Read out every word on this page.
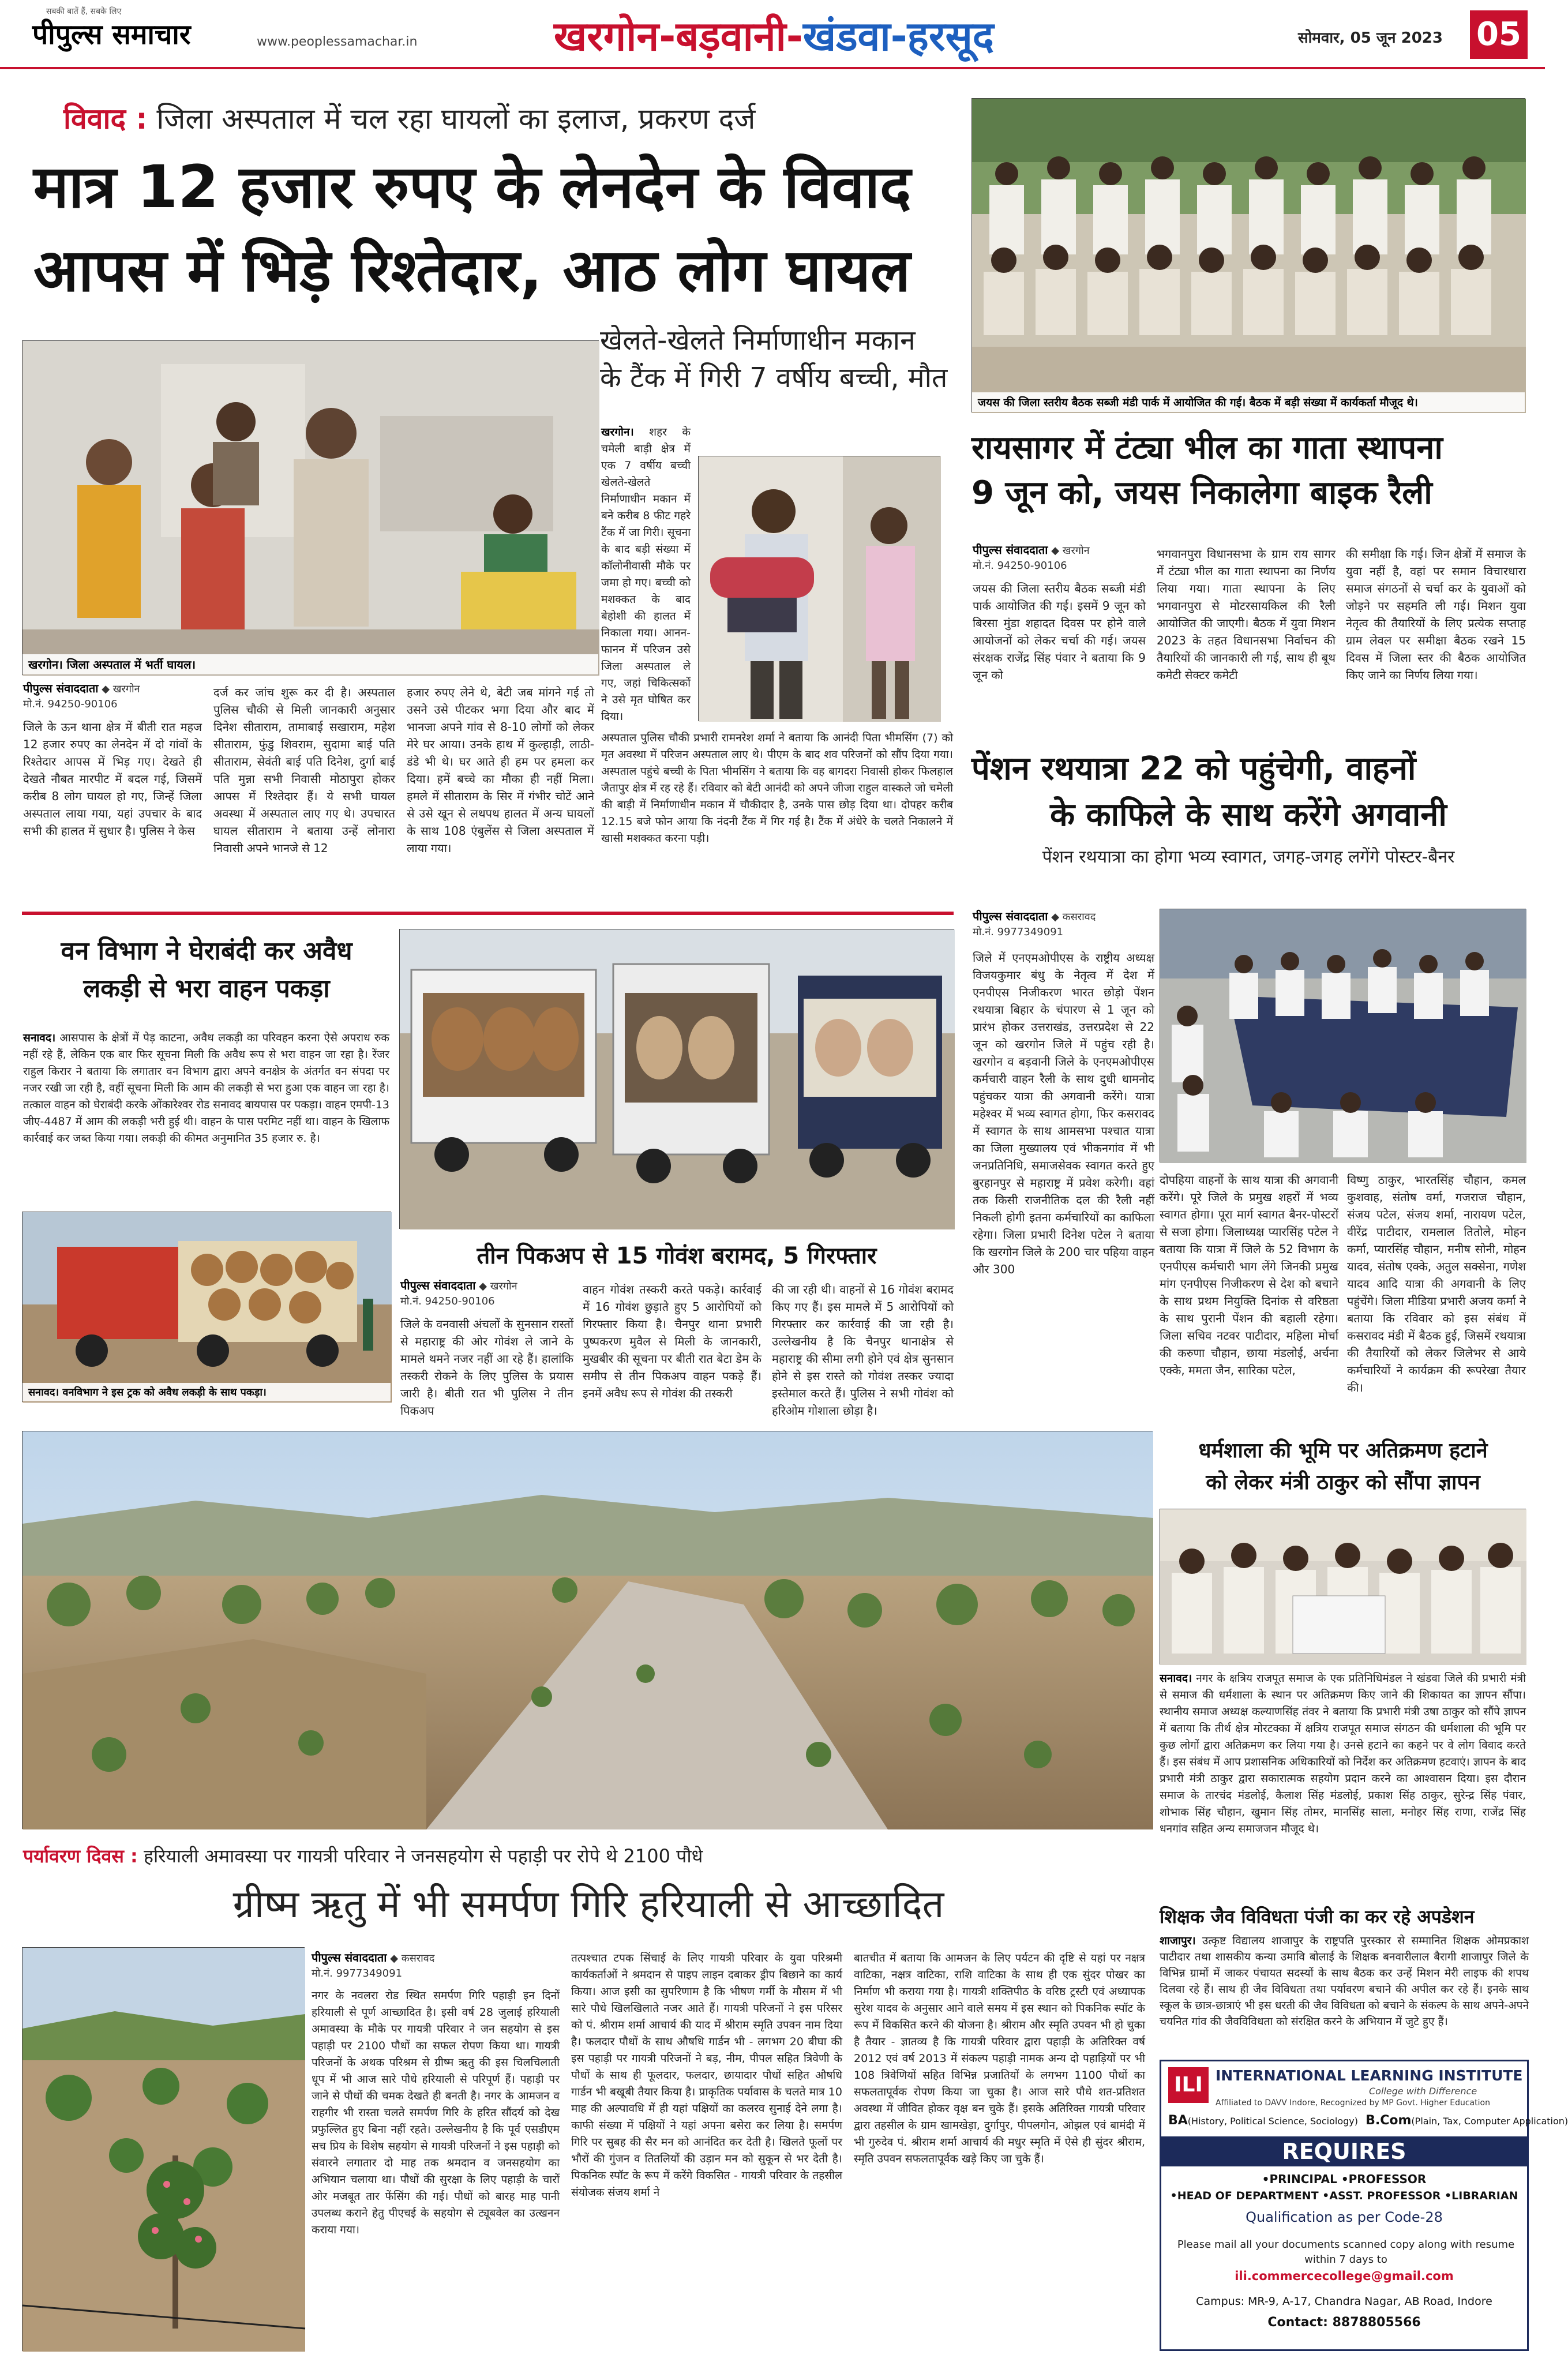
सबकी बातें हैं, सबके लिए
पीपुल्स समाचार	www.peoplessamachar.in	खरगोन-बड़वानी-खंडवा-हरसूद	सोमवार, 05 जून 2023 05
विवाद : जिला अस्पताल में चल रहा घायलों का इलाज, प्रकरण दर्ज
मात्र 12 हजार रुपए के लेनदेन के विवाद
आपस में भिड़े रिश्तेदार, आठ लोग घायल
खरगोन। जिला अस्पताल में भर्ती घायल।
पीपुल्स संवाददाता ◆ खरगोन
मो.नं. 94250-90106
जिले के ऊन थाना क्षेत्र में बीती रात महज 12 हजार रुपए का लेनदेन में दो गांवों के रिश्तेदार आपस में भिड़ गए। देखते ही देखते नौबत मारपीट में बदल गई, जिसमें करीब 8 लोग घायल हो गए, जिन्हें जिला अस्पताल लाया गया, यहां उपचार के बाद सभी की हालत में सुधार है। पुलिस ने केस
दर्ज कर जांच शुरू कर दी है। अस्पताल पुलिस चौकी से मिली जानकारी अनुसार दिनेश सीताराम, तामाबाई सखाराम, महेश सीताराम, फुंडु शिवराम, सुदामा बाई पति सीताराम, सेवंती बाई पति दिनेश, दुर्गा बाई पति मुन्ना सभी निवासी मोठापुरा होकर आपस में रिश्तेदार हैं। ये सभी घायल अवस्था में अस्पताल लाए गए थे। उपचारत घायल सीताराम ने बताया उन्हें लोनारा निवासी अपने भानजे से 12
हजार रुपए लेने थे, बेटी जब मांगने गई तो उसने उसे पीटकर भगा दिया और बाद में भानजा अपने गांव से 8-10 लोगों को लेकर मेरे घर आया। उनके हाथ में कुल्हाड़ी, लाठी-डंडे भी थे। घर आते ही हम पर हमला कर दिया। हमें बच्चे का मौका ही नहीं मिला। हमले में सीताराम के सिर में गंभीर चोटें आने से उसे खून से लथपथ हालत में अन्य घायलों के साथ 108 एंबुलेंस से जिला अस्पताल में लाया गया।
खेलते-खेलते निर्माणाधीन मकान
के टैंक में गिरी 7 वर्षीय बच्ची, मौत
खरगोन। शहर के चमेली बाड़ी क्षेत्र में एक 7 वर्षीय बच्ची खेलते-खेलते निर्माणाधीन मकान में बने करीब 8 फीट गहरे टैंक में जा गिरी। सूचना के बाद बड़ी संख्या में कॉलोनीवासी मौके पर जमा हो गए। बच्ची को मशक्कत के बाद बेहोशी की हालत में निकाला गया। आनन-फानन में परिजन उसे जिला अस्पताल ले गए, जहां चिकित्सकों ने उसे मृत घोषित कर दिया।
अस्पताल पुलिस चौकी प्रभारी रामनरेश शर्मा ने बताया कि आनंदी पिता भीमसिंग (7) को मृत अवस्था में परिजन अस्पताल लाए थे। पीएम के बाद शव परिजनों को सौंप दिया गया। अस्पताल पहुंचे बच्ची के पिता भीमसिंग ने बताया कि वह बागदरा निवासी होकर फिलहाल जैतापुर क्षेत्र में रह रहे हैं। रविवार को बेटी आनंदी को अपने जीजा राहुल वास्कले जो चमेली की बाड़ी में निर्माणाधीन मकान में चौकीदार है, उनके पास छोड़ दिया था। दोपहर करीब 12.15 बजे फोन आया कि नंदनी टैंक में गिर गई है। टैंक में अंधेरे के चलते निकालने में खासी मशक्कत करना पड़ी।
जयस की जिला स्तरीय बैठक सब्जी मंडी पार्क में आयोजित की गई। बैठक में बड़ी संख्या में कार्यकर्ता मौजूद थे।
रायसागर में टंट्या भील का गाता स्थापना
9 जून को, जयस निकालेगा बाइक रैली
पीपुल्स संवाददाता ◆ खरगोन
मो.नं. 94250-90106
जयस की जिला स्तरीय बैठक सब्जी मंडी पार्क आयोजित की गई। इसमें 9 जून को बिरसा मुंडा शहादत दिवस पर होने वाले आयोजनों को लेकर चर्चा की गई। जयस संरक्षक राजेंद्र सिंह पंवार ने बताया कि 9 जून को
भगवानपुरा विधानसभा के ग्राम राय सागर में टंट्या भील का गाता स्थापना का निर्णय लिया गया। गाता स्थापना के लिए भगवानपुरा से मोटरसायकिल की रैली आयोजित की जाएगी। बैठक में युवा मिशन 2023 के तहत विधानसभा निर्वाचन की तैयारियों की जानकारी ली गई, साथ ही बूथ कमेटी सेक्टर कमेटी
की समीक्षा कि गई। जिन क्षेत्रों में समाज के युवा नहीं है, वहां पर समान विचारधारा समाज संगठनों से चर्चा कर के युवाओं को जोड़ने पर सहमति ली गई। मिशन युवा नेतृत्व की तैयारियों के लिए प्रत्येक सप्ताह ग्राम लेवल पर समीक्षा बैठक रखने 15 दिवस में जिला स्तर की बैठक आयोजित किए जाने का निर्णय लिया गया।
पेंशन रथयात्रा 22 को पहुंचेगी, वाहनों
के काफिले के साथ करेंगे अगवानी
पेंशन रथयात्रा का होगा भव्य स्वागत, जगह-जगह लगेंगे पोस्टर-बैनर
पीपुल्स संवाददाता ◆ कसरावद
मो.नं. 9977349091
जिले में एनएमओपीएस के राष्ट्रीय अध्यक्ष विजयकुमार बंधु के नेतृत्व में देश में एनपीएस निजीकरण भारत छोड़ो पेंशन रथयात्रा बिहार के चंपारण से 1 जून को प्रारंभ होकर उत्तराखंड, उत्तरप्रदेश से 22 जून को खरगोन जिले में पहुंच रही है। खरगोन व बड़वानी जिले के एनएमओपीएस कर्मचारी वाहन रैली के साथ दुधी धामनोद पहुंचकर यात्रा की अगवानी करेंगे। यात्रा महेश्वर में भव्य स्वागत होगा, फिर कसरावद में स्वागत के साथ आमसभा पश्चात यात्रा का जिला मुख्यालय एवं भीकनगांव में भी जनप्रतिनिधि, समाजसेवक स्वागत करते हुए बुरहानपुर से महाराष्ट्र में प्रवेश करेगी। वहां तक किसी राजनीतिक दल की रैली नहीं निकली होगी इतना कर्मचारियों का काफिला रहेगा। जिला प्रभारी दिनेश पटेल ने बताया कि खरगोन जिले के 200 चार पहिया वाहन और 300
दोपहिया वाहनों के साथ यात्रा की अगवानी करेंगे। पूरे जिले के प्रमुख शहरों में भव्य स्वागत होगा। पूरा मार्ग स्वागत बैनर-पोस्टरों से सजा होगा। जिलाध्यक्ष प्यारसिंह पटेल ने बताया कि यात्रा में जिले के 52 विभाग के एनपीएस कर्मचारी भाग लेंगे जिनकी प्रमुख मांग एनपीएस निजीकरण से देश को बचाने के साथ प्रथम नियुक्ति दिनांक से वरिष्ठता के साथ पुरानी पेंशन की बहाली रहेगा। जिला सचिव नटवर पाटीदार, महिला मोर्चा की करुणा चौहान, छाया मंडलोई, अर्चना एक्के, ममता जैन, सारिका पटेल,
विष्णु ठाकुर, भारतसिंह चौहान, कमल कुशवाह, संतोष वर्मा, गजराज चौहान, संजय पटेल, संजय शर्मा, नारायण पटेल, वीरेंद्र पाटीदार, रामलाल तितोले, मोहन कर्मा, प्यारसिंह चौहान, मनीष सोनी, मोहन यादव, संतोष एक्के, अतुल सक्सेना, गणेश यादव आदि यात्रा की अगवानी के लिए पहुंचेंगे। जिला मीडिया प्रभारी अजय कर्मा ने बताया कि रविवार को इस संबंध में कसरावद मंडी में बैठक हुई, जिसमें रथयात्रा की तैयारियों को लेकर जिलेभर से आये कर्मचारियों ने कार्यक्रम की रूपरेखा तैयार की।
वन विभाग ने घेराबंदी कर अवैध
लकड़ी से भरा वाहन पकड़ा
सनावद। आसपास के क्षेत्रों में पेड़ काटना, अवैध लकड़ी का परिवहन करना ऐसे अपराध रुक नहीं रहे हैं, लेकिन एक बार फिर सूचना मिली कि अवैध रूप से भरा वाहन जा रहा है। रेंजर राहुल किरार ने बताया कि लगातार वन विभाग द्वारा अपने वनक्षेत्र के अंतर्गत वन संपदा पर नजर रखी जा रही है, वहीं सूचना मिली कि आम की लकड़ी से भरा हुआ एक वाहन जा रहा है। तत्काल वाहन को घेराबंदी करके ओंकारेश्वर रोड सनावद बायपास पर पकड़ा। वाहन एमपी-13 जीए-4487 में आम की लकड़ी भरी हुई थी। वाहन के पास परमिट नहीं था। वाहन के खिलाफ कार्रवाई कर जब्त किया गया। लकड़ी की कीमत अनुमानित 35 हजार रु. है।
सनावद। वनविभाग ने इस ट्रक को अवैध लकड़ी के साथ पकड़ा।
तीन पिकअप से 15 गोवंश बरामद, 5 गिरफ्तार
पीपुल्स संवाददाता ◆ खरगोन
मो.नं. 94250-90106
जिले के वनवासी अंचलों के सुनसान रास्तों से महाराष्ट्र की ओर गोवंश ले जाने के मामले थमने नजर नहीं आ रहे हैं। हालांकि तस्करी रोकने के लिए पुलिस के प्रयास जारी है। बीती रात भी पुलिस ने तीन पिकअप
वाहन गोवंश तस्करी करते पकड़े। कार्रवाई में 16 गोवंश छुड़ाते हुए 5 आरोपियों को गिरफ्तार किया है। चैनपुर थाना प्रभारी पुष्पकरण मुवैल से मिली के जानकारी, मुखबीर की सूचना पर बीती रात बेटा डेम के समीप से तीन पिकअप वाहन पकड़े हैं। इनमें अवैध रूप से गोवंश की तस्करी
की जा रही थी। वाहनों से 16 गोवंश बरामद किए गए हैं। इस मामले में 5 आरोपियों को गिरफ्तार कर कार्रवाई की जा रही है। उल्लेखनीय है कि चैनपुर थानाक्षेत्र से महाराष्ट्र की सीमा लगी होने एवं क्षेत्र सुनसान होने से इस रास्ते को गोवंश तस्कर ज्यादा इस्तेमाल करते हैं। पुलिस ने सभी गोवंश को हरिओम गोशाला छोड़ा है।
धर्मशाला की भूमि पर अतिक्रमण हटाने
को लेकर मंत्री ठाकुर को सौंपा ज्ञापन
सनावद। नगर के क्षत्रिय राजपूत समाज के एक प्रतिनिधिमंडल ने खंडवा जिले की प्रभारी मंत्री से समाज की धर्मशाला के स्थान पर अतिक्रमण किए जाने की शिकायत का ज्ञापन सौंपा। स्थानीय समाज अध्यक्ष कल्याणसिंह तंवर ने बताया कि प्रभारी मंत्री उषा ठाकुर को सौंपे ज्ञापन में बताया कि तीर्थ क्षेत्र मोरटक्का में क्षत्रिय राजपूत समाज संगठन की धर्मशाला की भूमि पर कुछ लोगों द्वारा अतिक्रमण कर लिया गया है। उनसे हटाने का कहने पर वे लोग विवाद करते हैं। इस संबंध में आप प्रशासनिक अधिकारियों को निर्देश कर अतिक्रमण हटवाएं। ज्ञापन के बाद प्रभारी मंत्री ठाकुर द्वारा सकारात्मक सहयोग प्रदान करने का आश्वासन दिया। इस दौरान समाज के तारचंद मंडलोई, कैलाश सिंह मंडलोई, प्रकाश सिंह ठाकुर, सुरेन्द्र सिंह पंवार, शोभाक सिंह चौहान, खुमान सिंह तोमर, मानसिंह साला, मनोहर सिंह राणा, राजेंद्र सिंह धनगांव सहित अन्य समाजजन मौजूद थे।
पर्यावरण दिवस : हरियाली अमावस्या पर गायत्री परिवार ने जनसहयोग से पहाड़ी पर रोपे थे 2100 पौधे
ग्रीष्म ऋतु में भी समर्पण गिरि हरियाली से आच्छादित
पीपुल्स संवाददाता ◆ कसरावद
मो.नं. 9977349091
नगर के नवलरा रोड स्थित समर्पण गिरि पहाड़ी इन दिनों हरियाली से पूर्ण आच्छादित है। इसी वर्ष 28 जुलाई हरियाली अमावस्या के मौके पर गायत्री परिवार ने जन सहयोग से इस पहाड़ी पर 2100 पौधों का सफल रोपण किया था। गायत्री परिजनों के अथक परिश्रम से ग्रीष्म ऋतु की इस चिलचिलाती धूप में भी आज सारे पौधे हरियाली से परिपूर्ण हैं। पहाड़ी पर जाने से पौधों की चमक देखते ही बनती है। नगर के आमजन व राहगीर भी रास्ता चलते समर्पण गिरि के हरित सौंदर्य को देख प्रफुल्लित हुए बिना नहीं रहते। उल्लेखनीय है कि पूर्व एसडीएम सच प्रिय के विशेष सहयोग से गायत्री परिजनों ने इस पहाड़ी को संवारने लगातार दो माह तक श्रमदान व जनसहयोग का अभियान चलाया था। पौधों की सुरक्षा के लिए पहाड़ी के चारों ओर मजबूत तार फेंसिंग की गई। पौधों को बारह माह पानी उपलब्ध कराने हेतु पीएचई के सहयोग से ट्यूबवेल का उत्खनन कराया गया।
तत्पश्चात टपक सिंचाई के लिए गायत्री परिवार के युवा परिश्रमी कार्यकर्ताओं ने श्रमदान से पाइप लाइन दबाकर ड्रीप बिछाने का कार्य किया। आज इसी का सुपरिणाम है कि भीषण गर्मी के मौसम में भी सारे पौधे खिलखिलाते नजर आते हैं। गायत्री परिजनों ने इस परिसर को पं. श्रीराम शर्मा आचार्य की याद में श्रीराम स्मृति उपवन नाम दिया है। फलदार पौधों के साथ औषधि गार्डन भी - लगभग 20 बीघा की इस पहाड़ी पर गायत्री परिजनों ने बड़, नीम, पीपल सहित त्रिवेणी के पौधों के साथ ही फूलदार, फलदार, छायादार पौधों सहित औषधि गार्डन भी बखूबी तैयार किया है। प्राकृतिक पर्यावास के चलते मात्र 10 माह की अल्पावधि में ही यहां पक्षियों का कलरव सुनाई देने लगा है। काफी संख्या में पक्षियों ने यहां अपना बसेरा कर लिया है। समर्पण गिरि पर सुबह की सैर मन को आनंदित कर देती है। खिलते फूलों पर भौरों की गुंजन व तितलियों की उड़ान मन को सुकून से भर देती है। पिकनिक स्पॉट के रूप में करेंगे विकसित - गायत्री परिवार के तहसील संयोजक संजय शर्मा ने
बातचीत में बताया कि आमजन के लिए पर्यटन की दृष्टि से यहां पर नक्षत्र वाटिका, नक्षत्र वाटिका, राशि वाटिका के साथ ही एक सुंदर पोखर का निर्माण भी कराया गया है। गायत्री शक्तिपीठ के वरिष्ठ ट्रस्टी एवं अध्यापक सुरेश यादव के अनुसार आने वाले समय में इस स्थान को पिकनिक स्पॉट के रूप में विकसित करने की योजना है। श्रीराम और स्मृति उपवन भी हो चुका है तैयार - ज्ञातव्य है कि गायत्री परिवार द्वारा पहाड़ी के अतिरिक्त वर्ष 2012 एवं वर्ष 2013 में संकल्प पहाड़ी नामक अन्य दो पहाड़ियों पर भी 108 त्रिवेणियों सहित विभिन्न प्रजातियों के लगभग 1100 पौधों का सफलतापूर्वक रोपण किया जा चुका है। आज सारे पौधे शत-प्रतिशत अवस्था में जीवित होकर वृक्ष बन चुके हैं। इसके अतिरिक्त गायत्री परिवार द्वारा तहसील के ग्राम खामखेड़ा, दुर्गापुर, पीपलगोन, ओझल एवं बामंदी में भी गुरुदेव पं. श्रीराम शर्मा आचार्य की मधुर स्मृति में ऐसे ही सुंदर श्रीराम, स्मृति उपवन सफलतापूर्वक खड़े किए जा चुके हैं।
शिक्षक जैव विविधता पंजी का कर रहे अपडेशन
शाजापुर। उत्कृष्ट विद्यालय शाजापुर के राष्ट्रपति पुरस्कार से सम्मानित शिक्षक ओमप्रकाश पाटीदार तथा शासकीय कन्या उमावि बोलाई के शिक्षक बनवारीलाल बैरागी शाजापुर जिले के विभिन्न ग्रामों में जाकर पंचायत सदस्यों के साथ बैठक कर उन्हें मिशन मेरी लाइफ की शपथ दिलवा रहे हैं। साथ ही जैव विविधता तथा पर्यावरण बचाने की अपील कर रहे हैं। इनके साथ स्कूल के छात्र-छात्राएं भी इस धरती की जैव विविधता को बचाने के संकल्प के साथ अपने-अपने चयनित गांव की जैवविविधता को संरक्षित करने के अभियान में जुटे हुए हैं।
ILI INTERNATIONAL LEARNING INSTITUTE
College with Difference
Affiliated to DAVV Indore, Recognized by MP Govt. Higher Education
BA(History, Political Science, Sociology) B.Com(Plain, Tax, Computer Application)
REQUIRES
•PRINCIPAL •PROFESSOR
•HEAD OF DEPARTMENT •ASST. PROFESSOR •LIBRARIAN
Qualification as per Code-28
Please mail all your documents scanned copy along with resume within 7 days to
ili.commercecollege@gmail.com
Campus: MR-9, A-17, Chandra Nagar, AB Road, Indore
Contact: 8878805566
